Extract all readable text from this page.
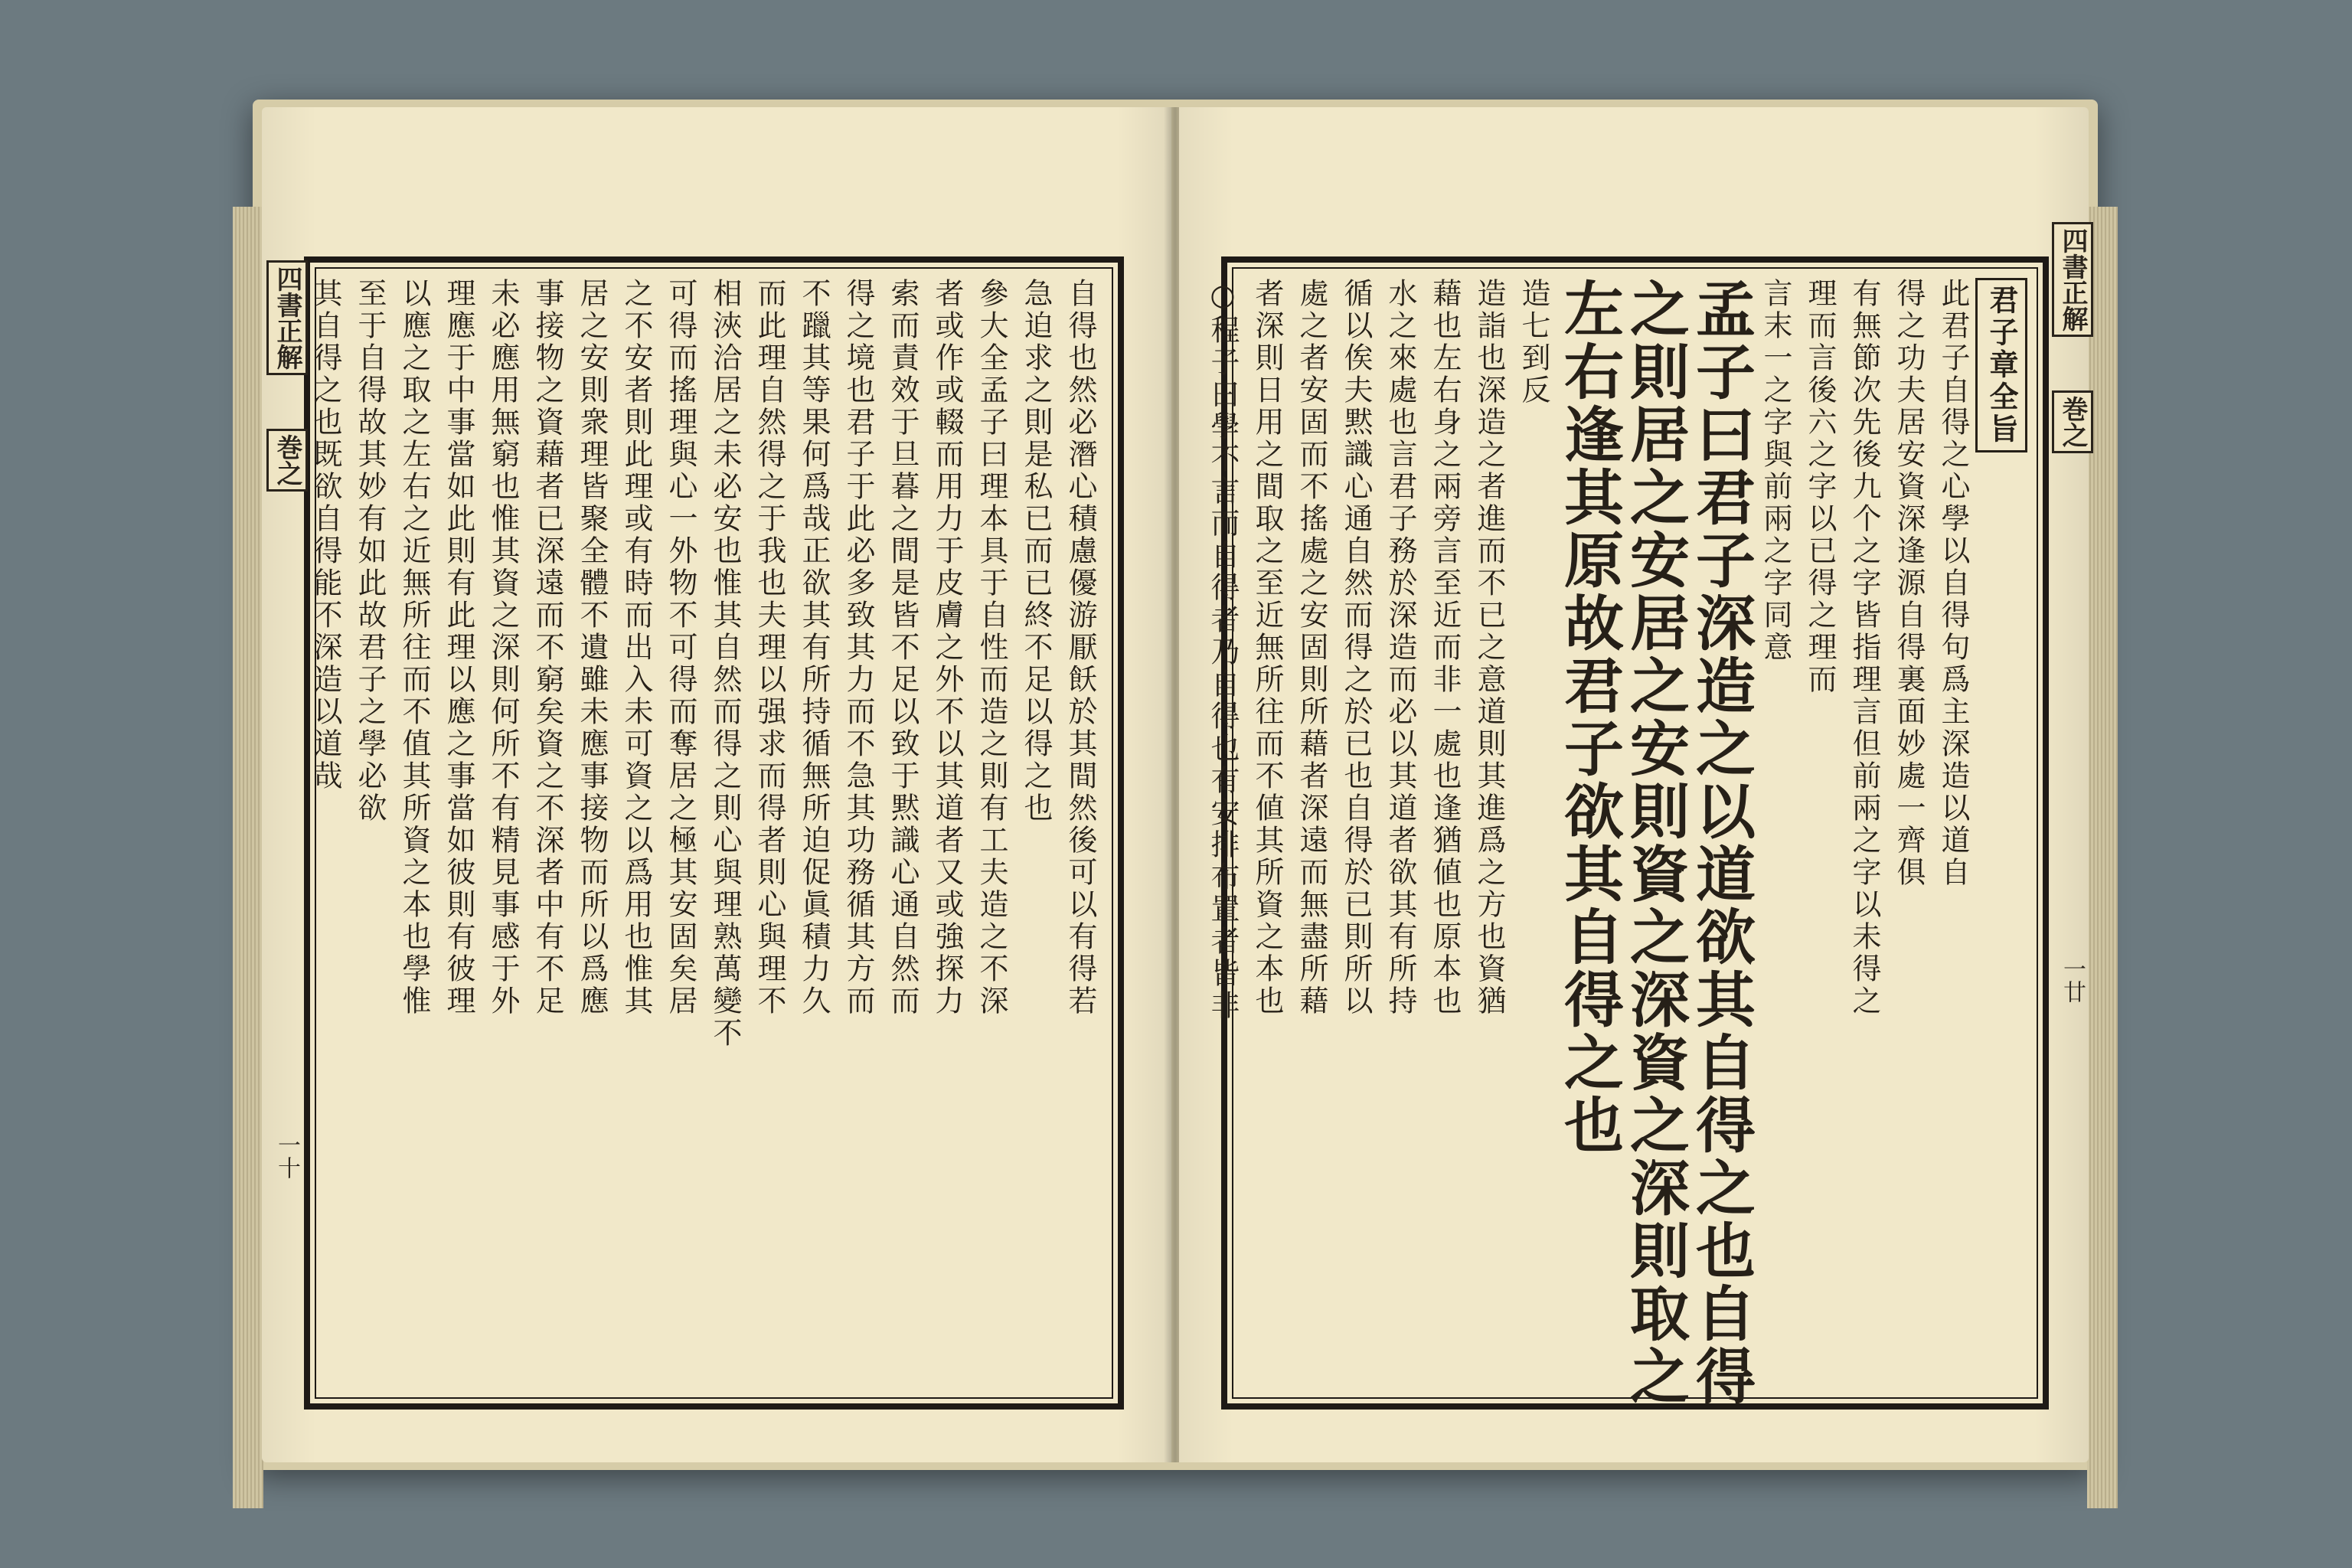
自得也然必潛心積慮優游厭飫於其間然後可以有得若
急迫求之則是私已而已終不足以得之也
參大全孟子曰理本具于自性而造之則有工夫造之不深
者或作或輟而用力于皮膚之外不以其道者又或強探力
索而責效于旦暮之間是皆不足以致于黙識心通自然而
得之境也君子于此必多致其力而不急其功務循其方而
不躐其等果何爲哉正欲其有所持循無所迫促眞積力久
而此理自然得之于我也夫理以强求而得者則心與理不
相浹洽居之未必安也惟其自然而得之則心與理熟萬變不
可得而搖理與心一外物不可得而奪居之極其安固矣居
之不安者則此理或有時而出入未可資之以爲用也惟其
居之安則衆理皆聚全體不遺雖未應事接物而所以爲應
事接物之資藉者已深遠而不窮矣資之不深者中有不足
未必應用無窮也惟其資之深則何所不有精見事感于外
理應于中事當如此則有此理以應之事當如彼則有彼理
以應之取之左右之近無所往而不值其所資之本也學惟
至于自得故其妙有如此故君子之學必欲
其自得之也既欲自得能不深造以道哉
四書正解
巻之
一十
君子章全旨
此君子自得之心學以自得句爲主深造以道自
得之功夫居安資深逢源自得裏面妙處一齊俱
有無節次先後九个之字皆指理言但前兩之字以未得之
理而言後六之字以已得之理而
言末一之字與前兩之字同意
孟子曰君子深造之以道欲其自得之也自得
之則居之安居之安則資之深資之深則取之
左右逢其原故君子欲其自得之也
造七到反
造詣也深造之者進而不已之意道則其進爲之方也資猶
藉也左右身之兩旁言至近而非一處也逢猶値也原本也
水之來處也言君子務於深造而必以其道者欲其有所持
循以俟夫黙識心通自然而得之於已也自得於已則所以
處之者安固而不搖處之安固則所藉者深遠而無盡所藉
者深則日用之間取之至近無所往而不値其所資之本也
○程子曰學不言而自得者乃自得也有安排布置者皆非	四書正解
巻之
一廿
